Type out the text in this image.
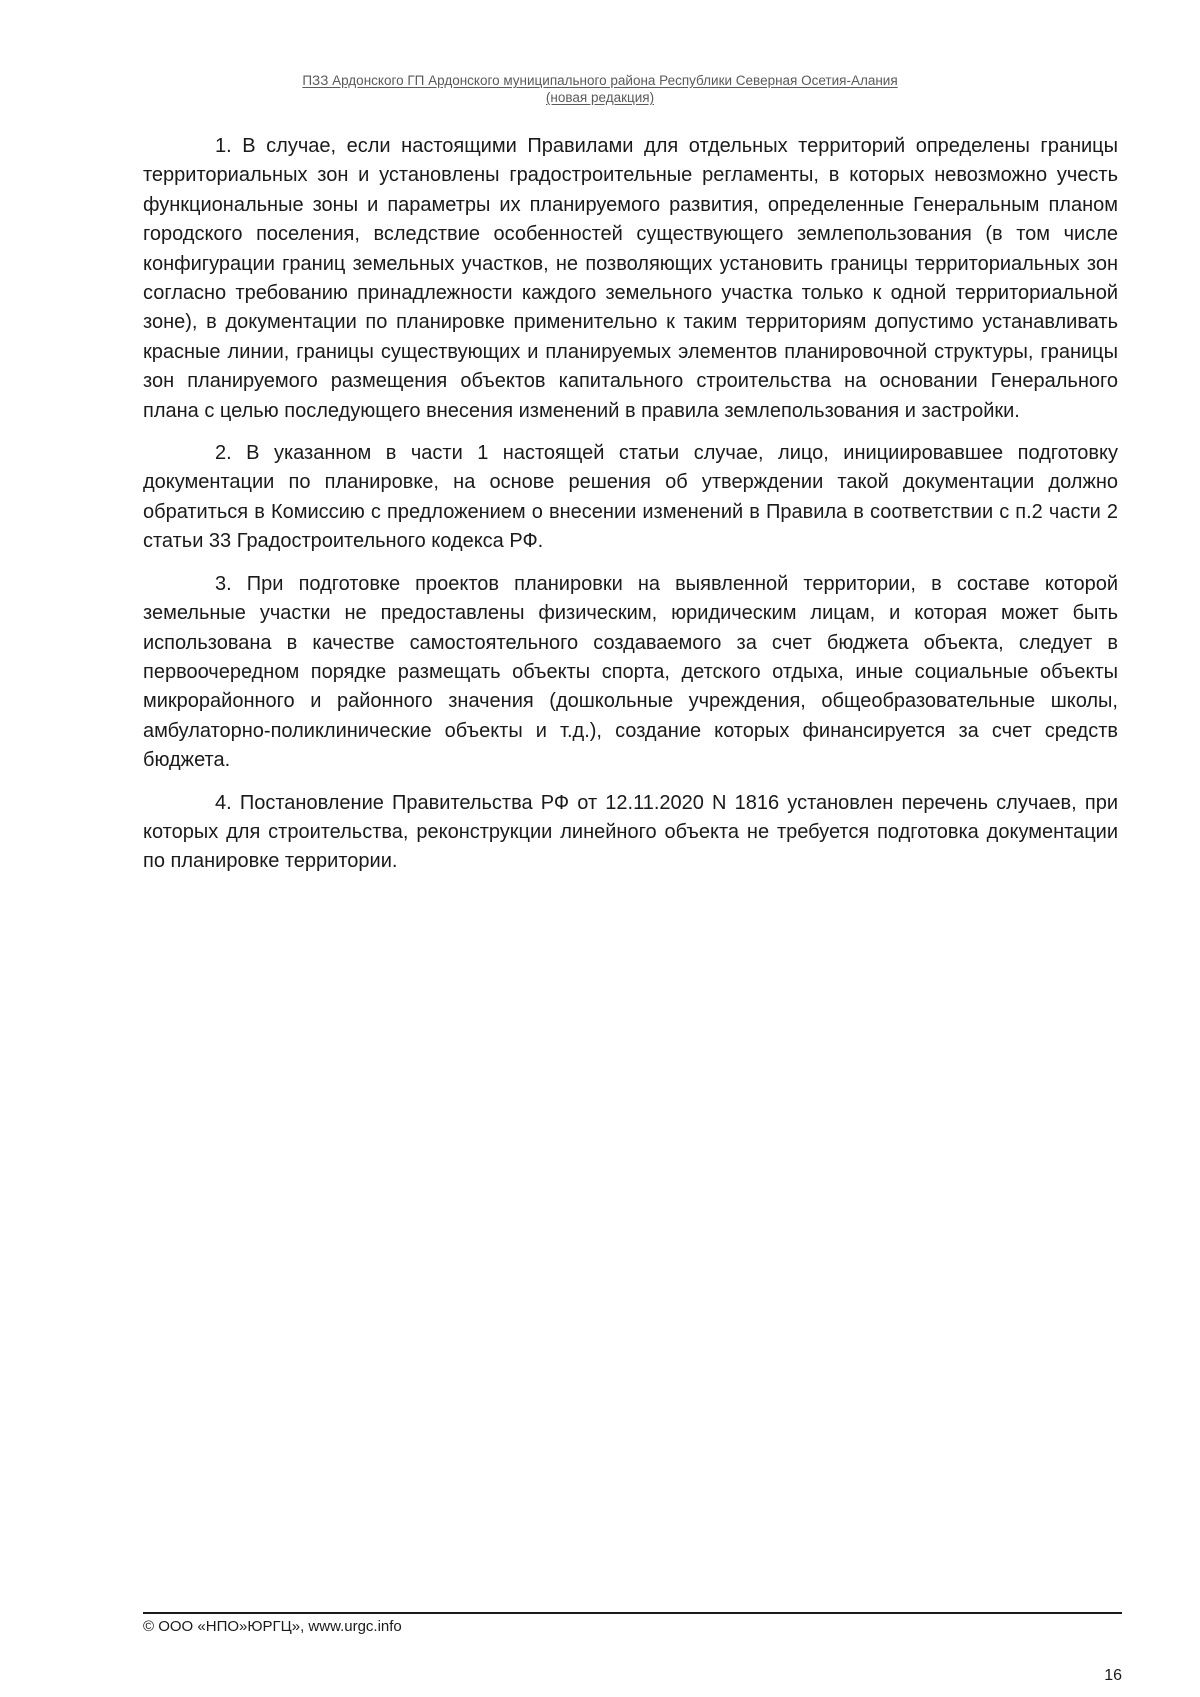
ПЗЗ Ардонского ГП Ардонского муниципального района Республики Северная Осетия-Алания
(новая редакция)

1. В случае, если настоящими Правилами для отдельных территорий определены границы территориальных зон и установлены градостроительные регламенты, в которых невозможно учесть функциональные зоны и параметры их планируемого развития, определенные Генеральным планом городского поселения, вследствие особенностей существующего землепользования (в том числе конфигурации границ земельных участков, не позволяющих установить границы территориальных зон согласно требованию принадлежности каждого земельного участка только к одной территориальной зоне), в документации по планировке применительно к таким территориям допустимо устанавливать красные линии, границы существующих и планируемых элементов планировочной структуры, границы зон планируемого размещения объектов капитального строительства на основании Генерального плана с целью последующего внесения изменений в правила землепользования и застройки.

2. В указанном в части 1 настоящей статьи случае, лицо, инициировавшее подготовку документации по планировке, на основе решения об утверждении такой документации должно обратиться в Комиссию с предложением о внесении изменений в Правила в соответствии с п.2 части 2 статьи 33 Градостроительного кодекса РФ.

3. При подготовке проектов планировки на выявленной территории, в составе которой земельные участки не предоставлены физическим, юридическим лицам, и которая может быть использована в качестве самостоятельного создаваемого за счет бюджета объекта, следует в первоочередном порядке размещать объекты спорта, детского отдыха, иные социальные объекты микрорайонного и районного значения (дошкольные учреждения, общеобразовательные школы, амбулаторно-поликлинические объекты и т.д.), создание которых финансируется за счет средств бюджета.

4. Постановление Правительства РФ от 12.11.2020 N 1816 установлен перечень случаев, при которых для строительства, реконструкции линейного объекта не требуется подготовка документации по планировке территории.

© ООО «НПО»ЮРГЦ», www.urgc.info
16
